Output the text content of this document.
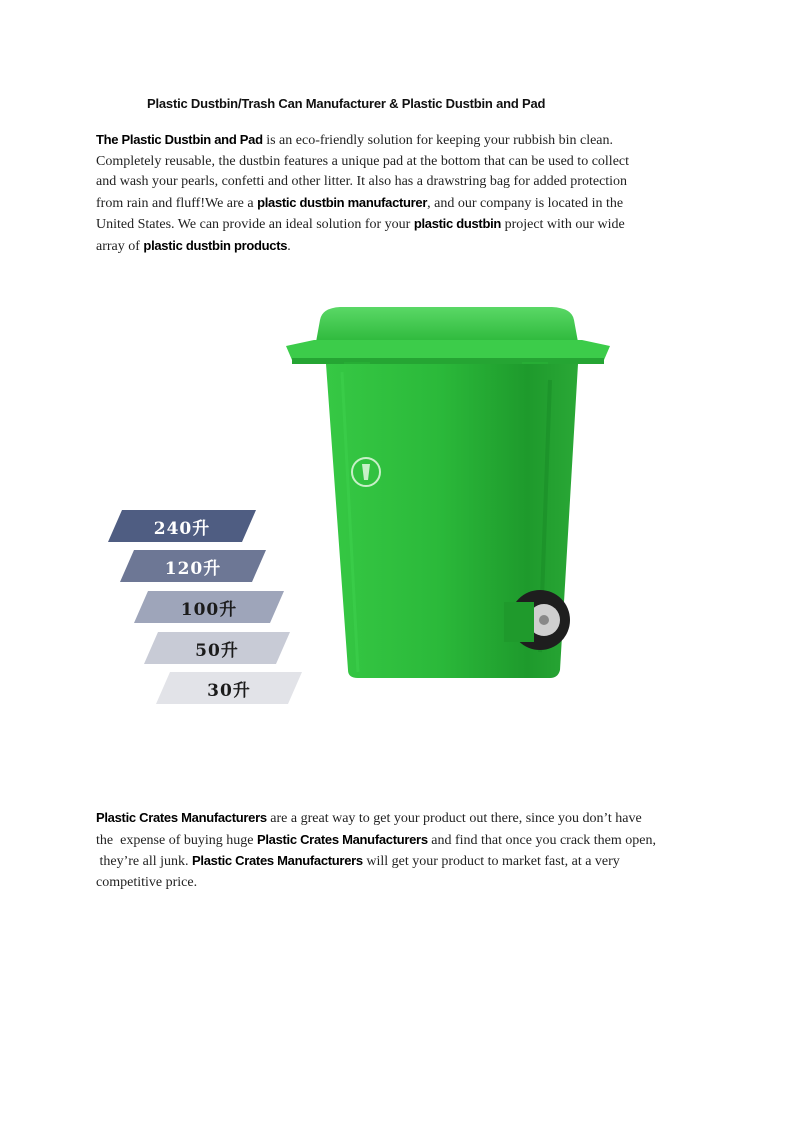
Plastic Dustbin/Trash Can Manufacturer & Plastic Dustbin and Pad

The Plastic Dustbin and Pad is an eco-friendly solution for keeping your rubbish bin clean.

Completely reusable, the dustbin features a unique pad at the bottom that can be used to collect

and wash your pearls, confetti and other litter. It also has a drawstring bag for added protection

from rain and fluff!We are a plastic dustbin manufacturer, and our company is located in the

United States. We can provide an ideal solution for your plastic dustbin project with our wide

array of plastic dustbin products.

240升
120升
100升
50升
30升

Plastic Crates Manufacturers are a great way to get your product out there, since you don’t have

the  expense of buying huge Plastic Crates Manufacturers and find that once you crack them open,

they’re all junk. Plastic Crates Manufacturers will get your product to market fast, at a very

competitive price.
